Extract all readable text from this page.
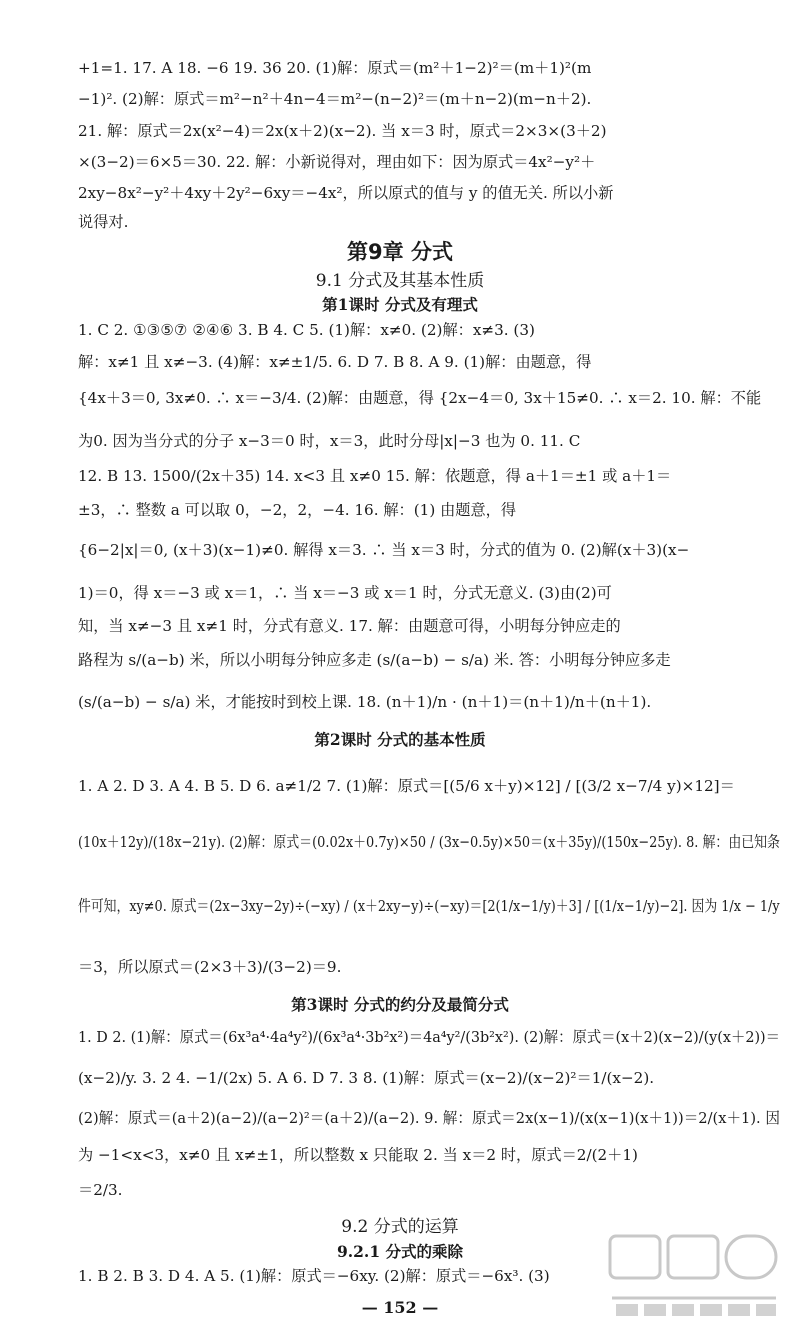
+1=1. 17. A 18. −6 19. 36 20. (1)解：原式＝(m²＋1−2)²＝(m＋1)²(m
−1)². (2)解：原式＝m²−n²＋4n−4＝m²−(n−2)²＝(m＋n−2)(m−n＋2).
21. 解：原式＝2x(x²−4)＝2x(x＋2)(x−2). 当 x＝3 时，原式＝2×3×(3＋2)
×(3−2)＝6×5＝30. 22. 解：小新说得对，理由如下：因为原式＝4x²−y²＋
2xy−8x²−y²＋4xy＋2y²−6xy＝−4x²，所以原式的值与 y 的值无关. 所以小新
说得对.
第9章 分式
9.1 分式及其基本性质
第1课时 分式及有理式
1. C 2. ①③⑤⑦ ②④⑥ 3. B 4. C 5. (1)解：x≠0. (2)解：x≠3. (3)
解：x≠1 且 x≠−3. (4)解：x≠±1/5. 6. D 7. B 8. A 9. (1)解：由题意，得
{4x＋3＝0, 3x≠0. ∴ x＝−3/4. (2)解：由题意，得 {2x−4＝0, 3x＋15≠0. ∴ x＝2. 10. 解：不能
为0. 因为当分式的分子 x−3＝0 时，x＝3，此时分母|x|−3 也为 0. 11. C
12. B 13. 1500/(2x＋35) 14. x<3 且 x≠0 15. 解：依题意，得 a＋1＝±1 或 a＋1＝
±3，∴ 整数 a 可以取 0，−2，2，−4. 16. 解：(1) 由题意，得
{6−2|x|＝0, (x＋3)(x−1)≠0. 解得 x＝3. ∴ 当 x＝3 时，分式的值为 0. (2)解(x＋3)(x−
1)＝0，得 x＝−3 或 x＝1，∴ 当 x＝−3 或 x＝1 时，分式无意义. (3)由(2)可
知，当 x≠−3 且 x≠1 时，分式有意义. 17. 解：由题意可得，小明每分钟应走的
路程为 s/(a−b) 米，所以小明每分钟应多走 (s/(a−b) − s/a) 米. 答：小明每分钟应多走
(s/(a−b) − s/a) 米，才能按时到校上课. 18. (n＋1)/n · (n＋1)＝(n＋1)/n＋(n＋1).
第2课时 分式的基本性质
1. A 2. D 3. A 4. B 5. D 6. a≠1/2 7. (1)解：原式＝[(5/6 x＋y)×12] / [(3/2 x−7/4 y)×12]＝
(10x＋12y)/(18x−21y). (2)解：原式＝(0.02x＋0.7y)×50 / (3x−0.5y)×50＝(x＋35y)/(150x−25y). 8. 解：由已知条
件可知，xy≠0. 原式＝(2x−3xy−2y)÷(−xy) / (x＋2xy−y)÷(−xy)＝[2(1/x−1/y)＋3] / [(1/x−1/y)−2]. 因为 1/x − 1/y
＝3，所以原式＝(2×3＋3)/(3−2)＝9.
第3课时 分式的约分及最简分式
1. D 2. (1)解：原式＝(6x³a⁴·4a⁴y²)/(6x³a⁴·3b²x²)＝4a⁴y²/(3b²x²). (2)解：原式＝(x＋2)(x−2)/(y(x＋2))＝
(x−2)/y. 3. 2 4. −1/(2x) 5. A 6. D 7. 3 8. (1)解：原式＝(x−2)/(x−2)²＝1/(x−2).
(2)解：原式＝(a＋2)(a−2)/(a−2)²＝(a＋2)/(a−2). 9. 解：原式＝2x(x−1)/(x(x−1)(x＋1))＝2/(x＋1). 因
为 −1<x<3，x≠0 且 x≠±1，所以整数 x 只能取 2. 当 x＝2 时，原式＝2/(2＋1)
＝2/3.
9.2 分式的运算
9.2.1 分式的乘除
1. B 2. B 3. D 4. A 5. (1)解：原式＝−6xy. (2)解：原式＝−6x³. (3)
— 152 —
